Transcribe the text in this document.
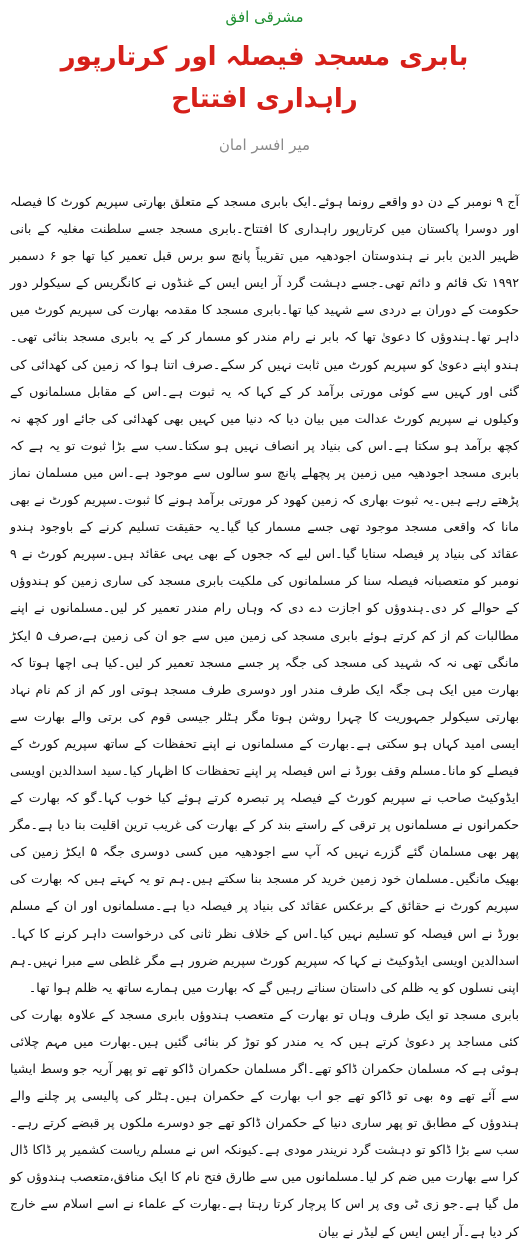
مشرقی افق

بابری مسجد فیصلہ اور کرتارپور راہداری افتتاح

میر افسر امان

آج ۹ نومبر کے دن دو واقعے رونما ہوئے۔ایک بابری مسجد کے متعلق بھارتی سپریم کورٹ کا فیصلہ اور دوسرا پاکستان میں کرتارپور راہداری کا افتتاح۔بابری مسجد جسے سلطنت مغلیہ کے بانی ظہیر الدین بابر نے ہندوستان اجودھیہ میں تقریباً پانچ سو برس قبل تعمیر کیا تھا جو ۶ دسمبر ۱۹۹۲ تک قائم و دائم تھی۔جسے دہشت گرد آر ایس ایس کے غنڈوں نے کانگریس کے سیکولر دور حکومت کے دوران بے دردی سے شہید کیا تھا۔بابری مسجد کا مقدمہ بھارت کی سپریم کورٹ میں داہر تھا۔ہندوؤں کا دعویٰ تھا کہ بابر نے رام مندر کو مسمار کر کے یہ بابری مسجد بنائی تھی۔ہندو اپنے دعویٰ کو سپریم کورٹ میں ثابت نہیں کر سکے۔صرف اتنا ہوا کہ زمین کی کھدائی کی گئی اور کہیں سے کوئی مورتی برآمد کر کے کہا کہ یہ ثبوت ہے۔اس کے مقابل مسلمانوں کے وکیلوں نے سپریم کورٹ عدالت میں بیان دیا کہ دنیا میں کہیں بھی کھدائی کی جائے اور کچھ نہ کچھ برآمد ہو سکتا ہے۔اس کی بنیاد پر انصاف نہیں ہو سکتا۔سب سے بڑا ثبوت تو یہ ہے کہ بابری مسجد اجودھیہ میں زمین پر پچھلے پانچ سو سالوں سے موجود ہے۔اس میں مسلمان نماز پڑھتے رہے ہیں۔یہ ثبوت بھاری کہ زمین کھود کر مورتی برآمد ہونے کا ثبوت۔سپریم کورٹ نے بھی مانا کہ واقعی مسجد موجود تھی جسے مسمار کیا گیا۔یہ حقیقت تسلیم کرنے کے باوجود ہندو عقائد کی بنیاد پر فیصلہ سنایا گیا۔اس لیے کہ ججوں کے بھی یہی عقائد ہیں۔سپریم کورٹ نے ۹ نومبر کو متعصبانہ فیصلہ سنا کر مسلمانوں کی ملکیت بابری مسجد کی ساری زمین کو ہندوؤں کے حوالے کر دی۔ہندوؤں کو اجازت دے دی کہ وہاں رام مندر تعمیر کر لیں۔مسلمانوں نے اپنے مطالبات کم از کم کرتے ہوئے بابری مسجد کی زمین میں سے جو ان کی زمین ہے،صرف ۵ ایکڑ مانگی تھی نہ کہ شہید کی مسجد کی جگہ پر جسے مسجد تعمیر کر لیں۔کیا ہی اچھا ہوتا کہ بھارت میں ایک ہی جگہ ایک طرف مندر اور دوسری طرف مسجد ہوتی اور کم از کم نام نہاد بھارتی سیکولر جمہوریت کا چہرا روشن ہوتا مگر ہٹلر جیسی قوم کی برتی والے بھارت سے ایسی امید کہاں ہو سکتی ہے۔بھارت کے مسلمانوں نے اپنے تحفظات کے ساتھ سپریم کورٹ کے فیصلے کو مانا۔مسلم وقف بورڈ نے اس فیصلہ پر اپنے تحفظات کا اظہار کیا۔سید اسدالدین اویسی ایڈوکیٹ صاحب نے سپریم کورٹ کے فیصلہ پر تبصرہ کرتے ہوئے کیا خوب کہا۔گو کہ بھارت کے حکمرانوں نے مسلمانوں پر ترقی کے راستے بند کر کے بھارت کی غریب ترین اقلیت بنا دیا ہے۔مگر پھر بھی مسلمان گئے گزرے نہیں کہ آپ سے اجودھیہ میں کسی دوسری جگہ ۵ ایکڑ زمین کی بھیک مانگیں۔مسلمان خود زمین خرید کر مسجد بنا سکتے ہیں۔ہم تو یہ کہتے ہیں کہ بھارت کی سپریم کورٹ نے حقائق کے برعکس عقائد کی بنیاد پر فیصلہ دیا ہے۔مسلمانوں اور ان کے مسلم بورڈ نے اس فیصلہ کو تسلیم نہیں کیا۔اس کے خلاف نظر ثانی کی درخواست داہر کرنے کا کہا۔اسدالدین اویسی ایڈوکیٹ نے کہا کہ سپریم کورٹ سپریم ضرور ہے مگر غلطی سے مبرا نہیں۔ہم اپنی نسلوں کو یہ ظلم کی داستان سناتے رہیں گے کہ بھارت میں ہمارے ساتھ یہ ظلم ہوا تھا۔

بابری مسجد تو ایک طرف وہاں تو بھارت کے متعصب ہندوؤں بابری مسجد کے علاوہ بھارت کی کئی مساجد پر دعویٰ کرتے ہیں کہ یہ مندر کو توڑ کر بنائی گئیں ہیں۔بھارت میں مہم چلائی ہوئی ہے کہ مسلمان حکمران ڈاکو تھے۔اگر مسلمان حکمران ڈاکو تھے تو پھر آریہ جو وسط ایشیا سے آئے تھے وہ بھی تو ڈاکو تھے جو اب بھارت کے حکمران ہیں۔ہٹلر کی پالیسی پر چلنے والے ہندوؤں کے مطابق تو پھر ساری دنیا کے حکمران ڈاکو تھے جو دوسرے ملکوں پر قبضے کرتے رہے۔سب سے بڑا ڈاکو تو دہشت گرد نریندر مودی ہے۔کیونکہ اس نے مسلم ریاست کشمیر پر ڈاکا ڈال کرا سے بھارت میں ضم کر لیا۔مسلمانوں میں سے طارق فتح نام کا ایک منافق،متعصب ہندوؤں کو مل گیا ہے۔جو زی ٹی وی پر اس کا پرچار کرتا رہتا ہے۔بھارت کے علماء نے اسے اسلام سے خارج کر دیا ہے۔آر ایس ایس کے لیڈر نے بیان
